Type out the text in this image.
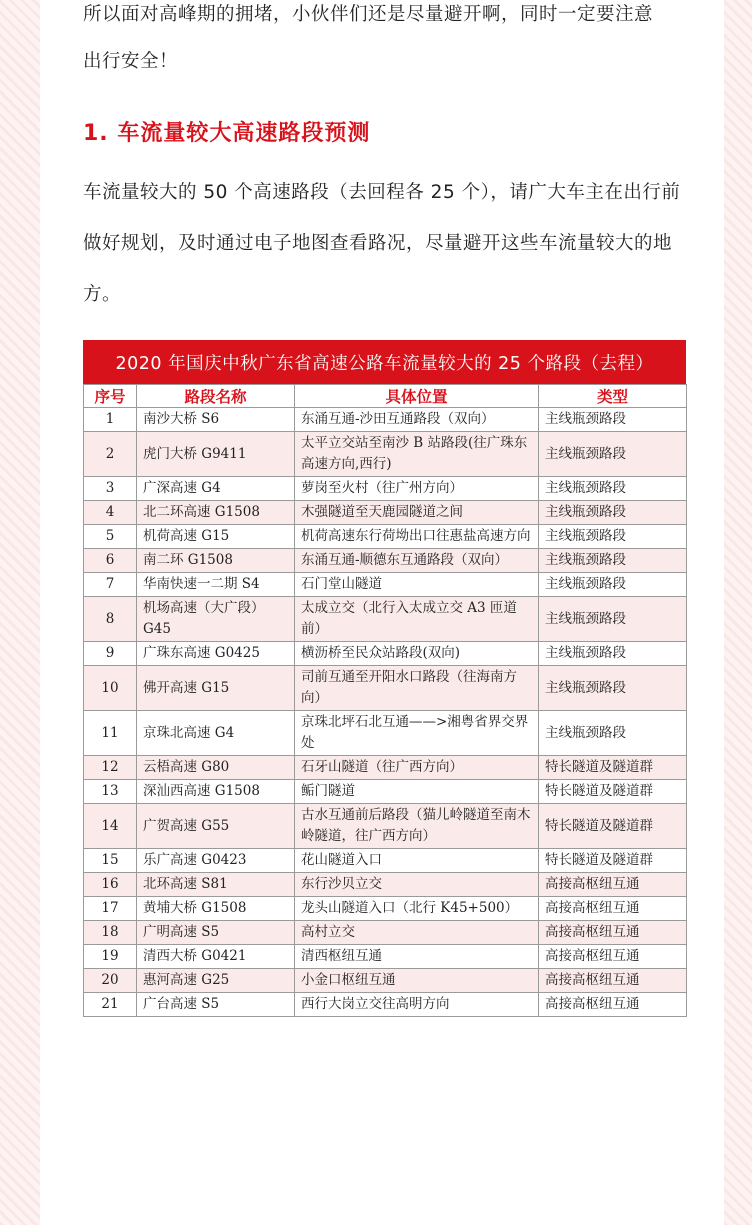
所以面对高峰期的拥堵，小伙伴们还是尽量避开啊，同时一定要注意

出行安全！

1. 车流量较大高速路段预测

车流量较大的 50 个高速路段（去回程各 25 个），请广大车主在出行前做好规划，及时通过电子地图查看路况，尽量避开这些车流量较大的地方。

2020 年国庆中秋广东省高速公路车流量较大的 25 个路段（去程）
序号	路段名称	具体位置	类型
1	南沙大桥 S6	东涌互通-沙田互通路段（双向）	主线瓶颈路段
2	虎门大桥 G9411	太平立交站至南沙 B 站路段(往广珠东高速方向,西行)	主线瓶颈路段
3	广深高速 G4	萝岗至火村（往广州方向）	主线瓶颈路段
4	北二环高速 G1508	木强隧道至天鹿园隧道之间	主线瓶颈路段
5	机荷高速 G15	机荷高速东行荷坳出口往惠盐高速方向	主线瓶颈路段
6	南二环 G1508	东涌互通-顺德东互通路段（双向）	主线瓶颈路段
7	华南快速一二期 S4	石门堂山隧道	主线瓶颈路段
8	机场高速（大广段）G45	太成立交（北行入太成立交 A3 匝道前）	主线瓶颈路段
9	广珠东高速 G0425	横沥桥至民众站路段(双向)	主线瓶颈路段
10	佛开高速 G15	司前互通至开阳水口路段（往海南方向）	主线瓶颈路段
11	京珠北高速 G4	京珠北坪石北互通——>湘粤省界交界处	主线瓶颈路段
12	云梧高速 G80	石牙山隧道（往广西方向）	特长隧道及隧道群
13	深汕西高速 G1508	鲘门隧道	特长隧道及隧道群
14	广贺高速 G55	古水互通前后路段（猫儿岭隧道至南木岭隧道，往广西方向）	特长隧道及隧道群
15	乐广高速 G0423	花山隧道入口	特长隧道及隧道群
16	北环高速 S81	东行沙贝立交	高接高枢纽互通
17	黄埔大桥 G1508	龙头山隧道入口（北行 K45+500）	高接高枢纽互通
18	广明高速 S5	高村立交	高接高枢纽互通
19	清西大桥 G0421	清西枢纽互通	高接高枢纽互通
20	惠河高速 G25	小金口枢纽互通	高接高枢纽互通
21	广台高速 S5	西行大岗立交往高明方向	高接高枢纽互通
